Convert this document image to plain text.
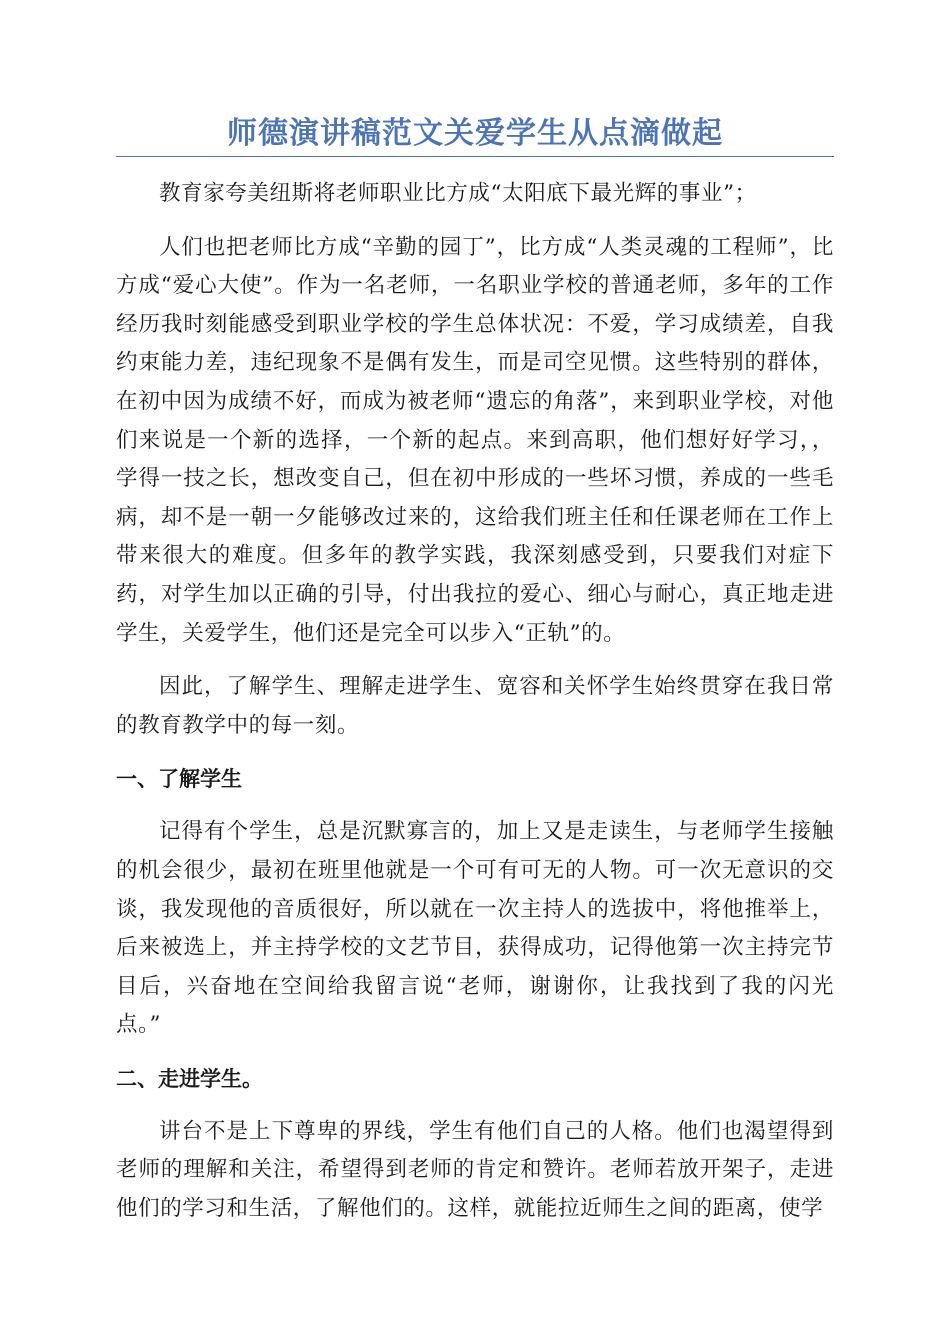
师德演讲稿范文关爱学生从点滴做起

教育家夸美纽斯将老师职业比方成“太阳底下最光辉的事业”；

人们也把老师比方成“辛勤的园丁”，比方成“人类灵魂的工程师”，比方成“爱心大使”。作为一名老师，一名职业学校的普通老师，多年的工作经历我时刻能感受到职业学校的学生总体状况：不爱，学习成绩差，自我约束能力差，违纪现象不是偶有发生，而是司空见惯。这些特别的群体，在初中因为成绩不好，而成为被老师“遗忘的角落”，来到职业学校，对他们来说是一个新的选择，一个新的起点。来到高职，他们想好好学习，，学得一技之长，想改变自己，但在初中形成的一些坏习惯，养成的一些毛病，却不是一朝一夕能够改过来的，这给我们班主任和任课老师在工作上带来很大的难度。但多年的教学实践，我深刻感受到，只要我们对症下药，对学生加以正确的引导，付出我拉的爱心、细心与耐心，真正地走进学生，关爱学生，他们还是完全可以步入“正轨”的。

因此，了解学生、理解走进学生、宽容和关怀学生始终贯穿在我日常的教育教学中的每一刻。

一、了解学生

记得有个学生，总是沉默寡言的，加上又是走读生，与老师学生接触的机会很少，最初在班里他就是一个可有可无的人物。可一次无意识的交谈，我发现他的音质很好，所以就在一次主持人的选拔中，将他推举上，后来被选上，并主持学校的文艺节目，获得成功，记得他第一次主持完节目后，兴奋地在空间给我留言说“老师，谢谢你，让我找到了我的闪光点。”

二、走进学生。

讲台不是上下尊卑的界线，学生有他们自己的人格。他们也渴望得到老师的理解和关注，希望得到老师的肯定和赞许。老师若放开架子，走进他们的学习和生活，了解他们的。这样，就能拉近师生之间的距离，使学
